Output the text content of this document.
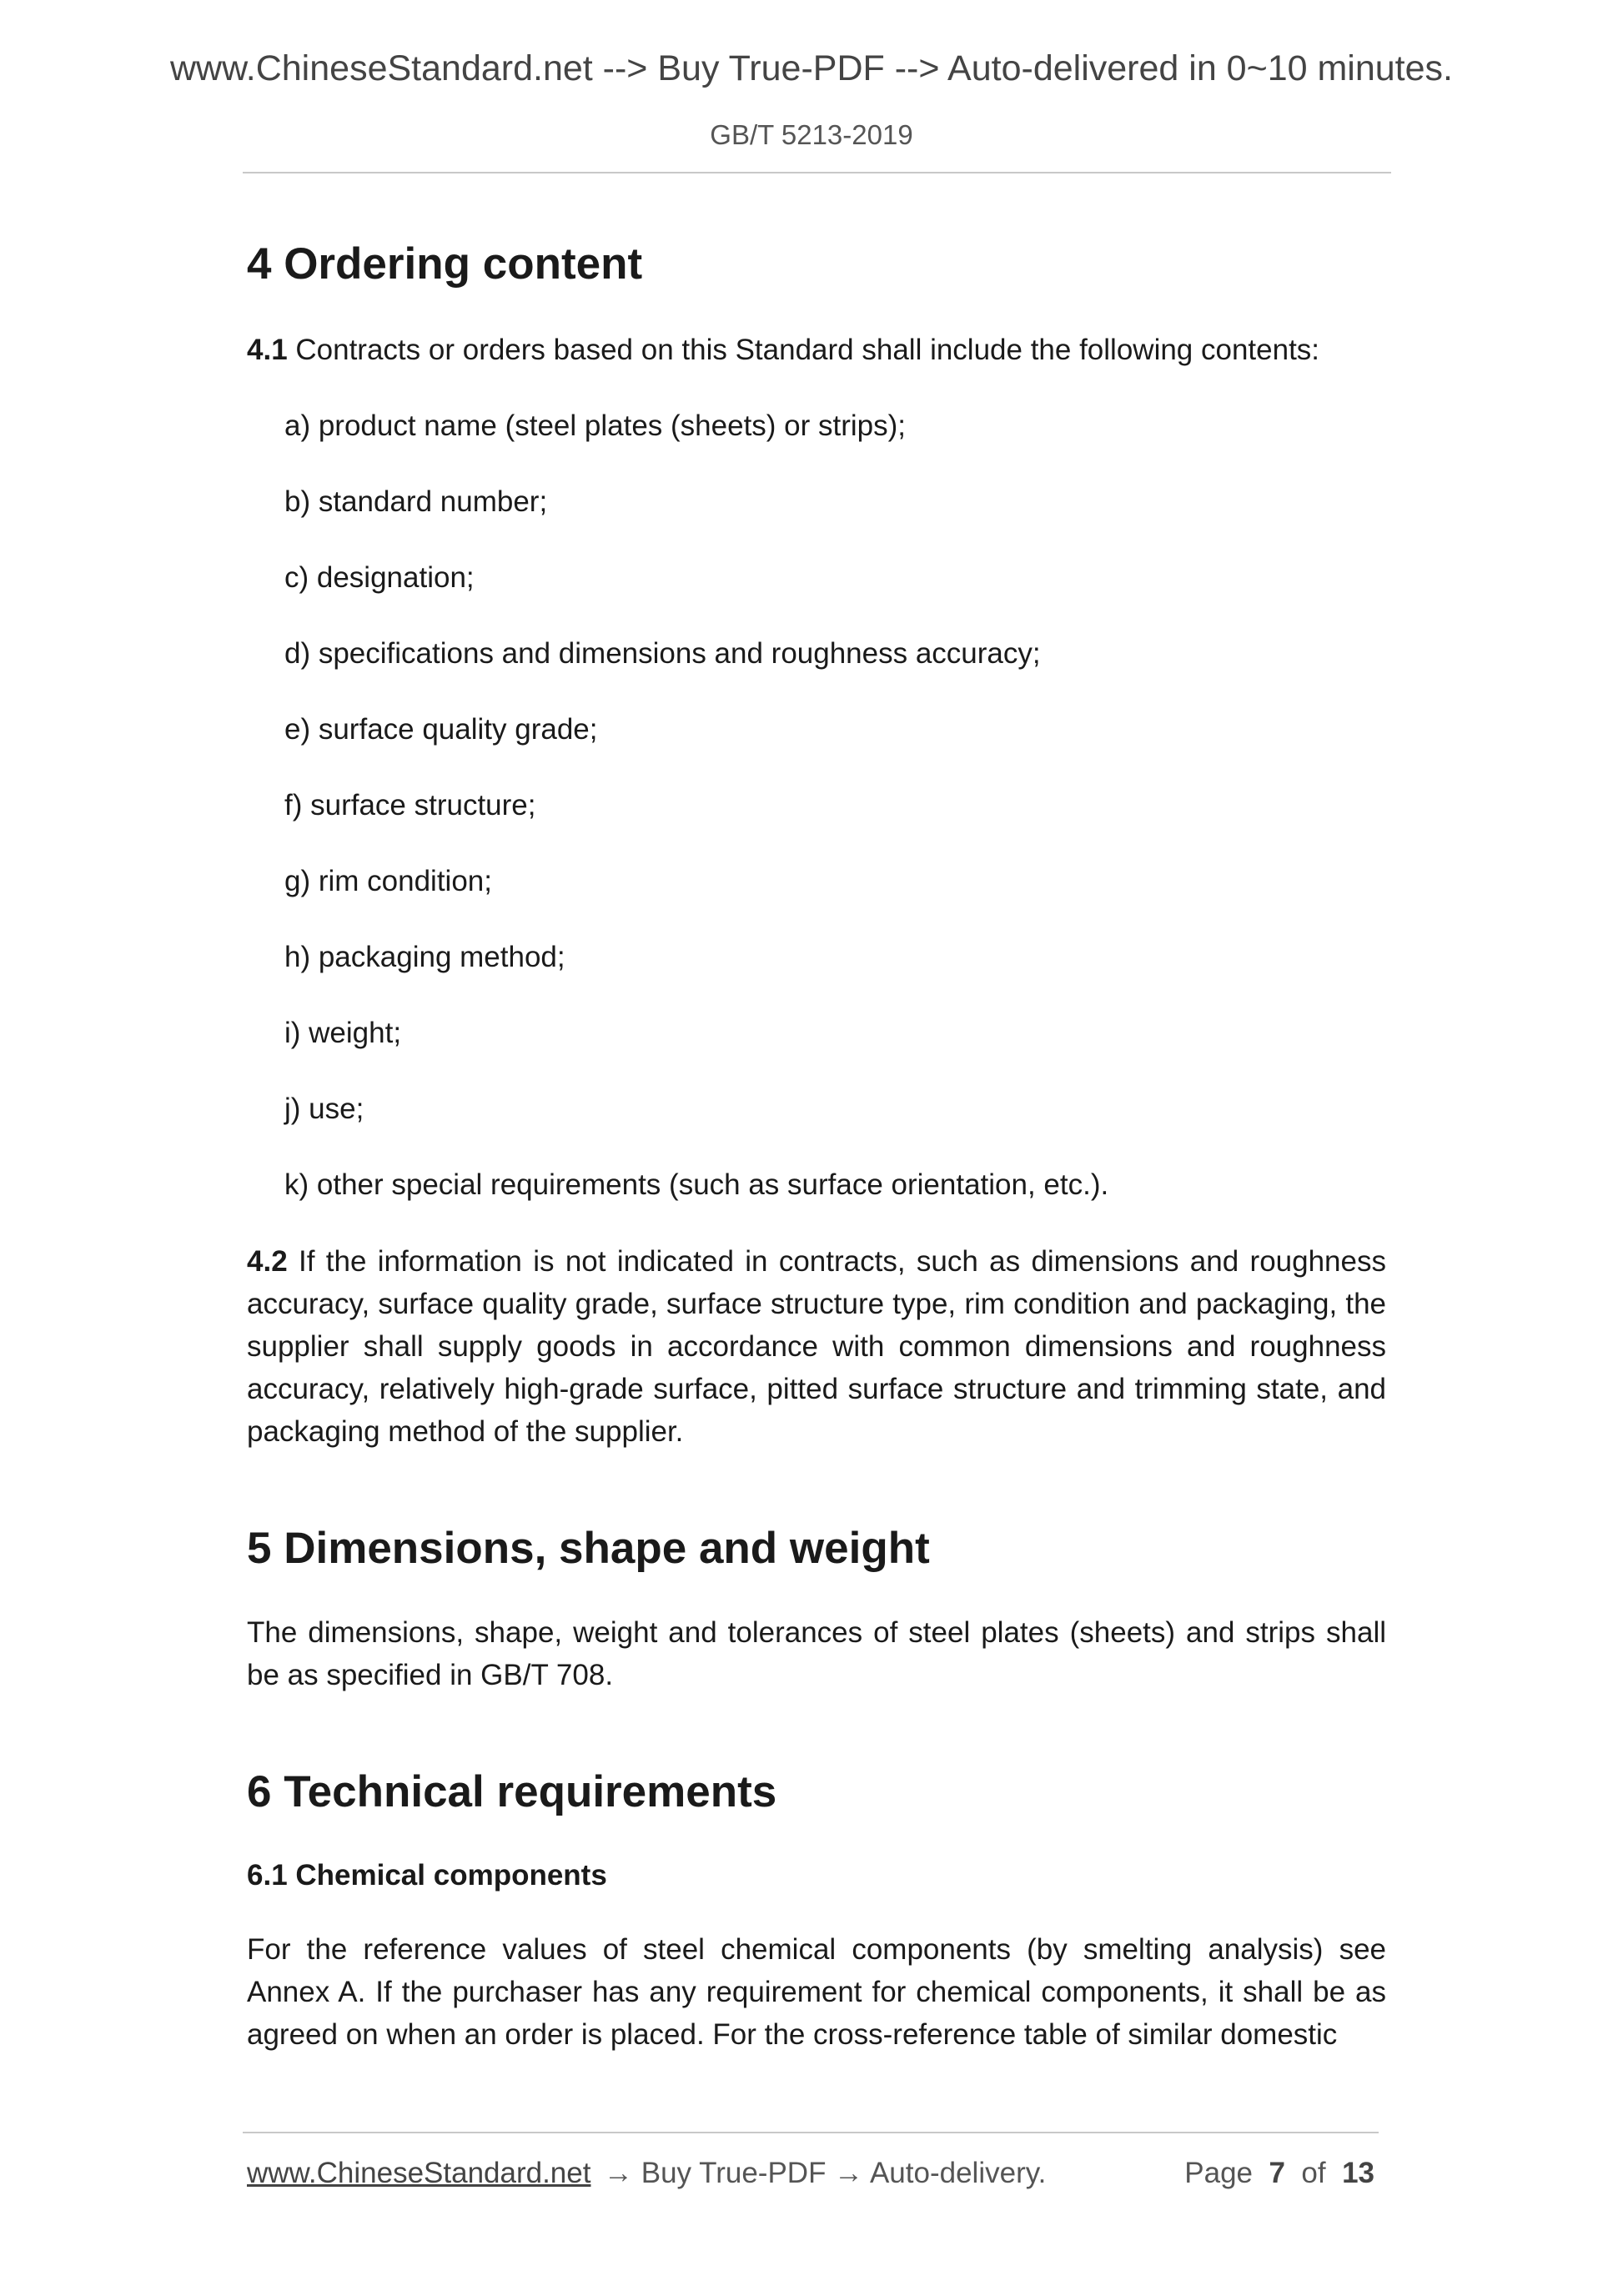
www.ChineseStandard.net --> Buy True-PDF --> Auto-delivered in 0~10 minutes.
GB/T 5213-2019
4 Ordering content

4.1 Contracts or orders based on this Standard shall include the following contents:

a) product name (steel plates (sheets) or strips);
b) standard number;
c) designation;
d) specifications and dimensions and roughness accuracy;
e) surface quality grade;
f) surface structure;
g) rim condition;
h) packaging method;
i) weight;
j) use;
k) other special requirements (such as surface orientation, etc.).

4.2 If the information is not indicated in contracts, such as dimensions and roughness accuracy, surface quality grade, surface structure type, rim condition and packaging, the supplier shall supply goods in accordance with common dimensions and roughness accuracy, relatively high-grade surface, pitted surface structure and trimming state, and packaging method of the supplier.

5 Dimensions, shape and weight

The dimensions, shape, weight and tolerances of steel plates (sheets) and strips shall be as specified in GB/T 708.

6 Technical requirements
6.1 Chemical components

For the reference values of steel chemical components (by smelting analysis) see Annex A. If the purchaser has any requirement for chemical components, it shall be as agreed on when an order is placed. For the cross-reference table of similar domestic

www.ChineseStandard.net → Buy True-PDF → Auto-delivery.	Page 7 of 13
